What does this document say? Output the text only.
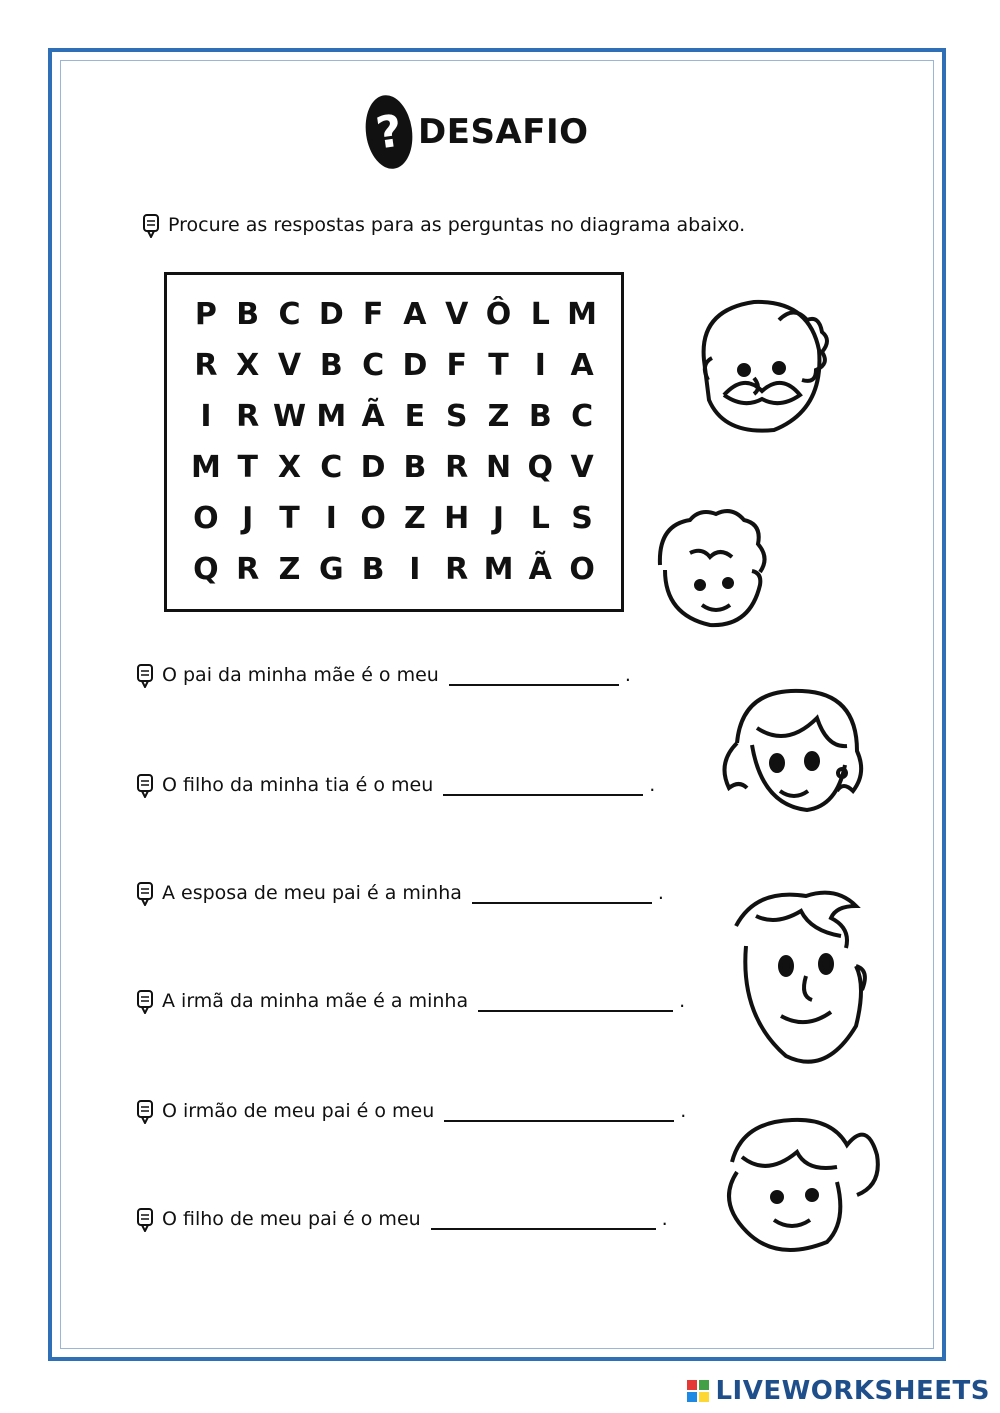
? DESAFIO
Procure as respostas para as perguntas no diagrama abaixo.
P B C D F A V Ô L M
R X V B C D F T I A
I R W M Ã E S Z B C
M T X C D B R N Q V
O J T I O Z H J L S
Q R Z G B I R M Ã O
O pai da minha mãe é o meu	.
O filho da minha tia é o meu	.
A esposa de meu pai é a minha	.
A irmã da minha mãe é a minha	.
O irmão de meu pai é o meu	.
O filho de meu pai é o meu	.
LIVEWORKSHEETS
